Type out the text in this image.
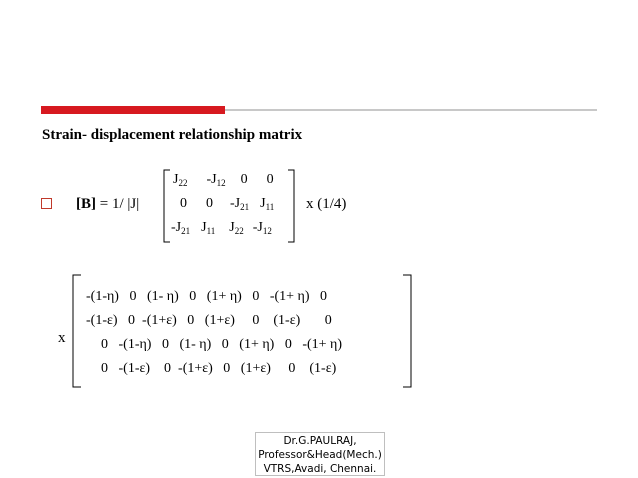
Strain- displacement relationship matrix
[B] = 1/ |J|
$J_{22}$ $-J_{12}$ 0 0
0 0 $-J_{21}$ $J_{11}$
$-J_{21}$ $J_{11}$ $J_{22}$ $-J_{12}$
x (1/4)
x
-(1-η)   0   (1- η)   0   (1+ η)   0   -(1+ η)   0
-(1-ε)   0  -(1+ε)   0   (1+ε)     0    (1-ε)       0
0   -(1-η)   0   (1- η)   0   (1+ η)   0   -(1+ η)
0   -(1-ε)    0  -(1+ε)   0   (1+ε)     0    (1-ε)
Dr.G.PAULRAJ,
Professor&Head(Mech.)
VTRS,Avadi, Chennai.
